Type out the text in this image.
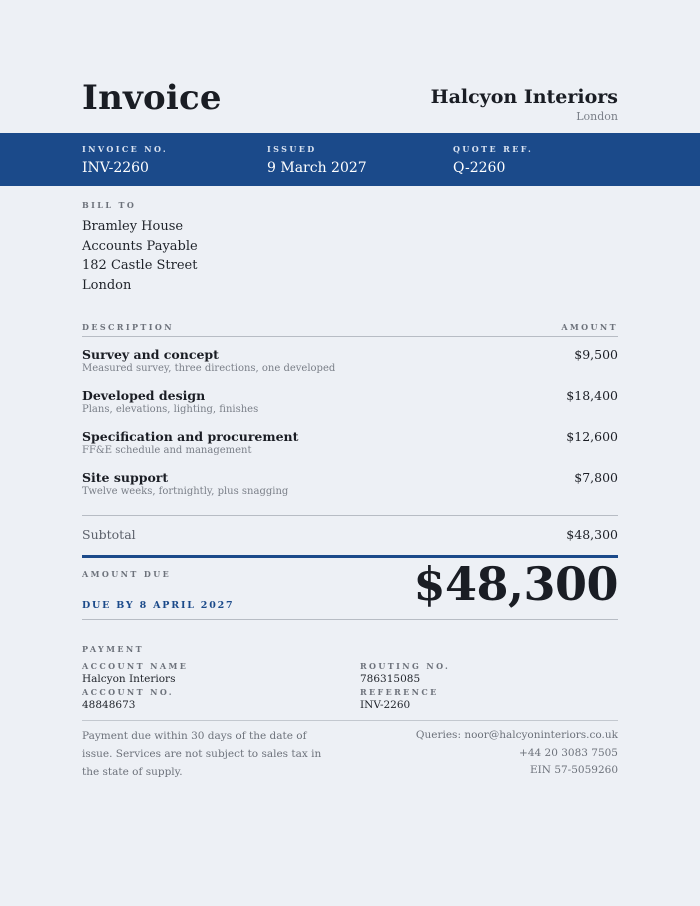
Invoice	Halcyon Interiors
London
INVOICE NO.
INV-2260
ISSUED
9 March 2027
QUOTE REF.
Q-2260
BILL TO
Bramley House
Accounts Payable
182 Castle Street
London
DESCRIPTION	AMOUNT
Survey and concept
Measured survey, three directions, one developed
$9,500
Developed design
Plans, elevations, lighting, finishes
$18,400
Specification and procurement
FF&E schedule and management
$12,600
Site support
Twelve weeks, fortnightly, plus snagging
$7,800
Subtotal	$48,300
AMOUNT DUE
DUE BY 8 APRIL 2027	$48,300
PAYMENT
ACCOUNT NAME
Halcyon Interiors
ROUTING NO.
786315085
ACCOUNT NO.
48848673
REFERENCE
INV-2260
Payment due within 30 days of the date of issue. Services are not subject to sales tax in the state of supply.
Queries: noor@halcyoninteriors.co.uk
+44 20 3083 7505
EIN 57-5059260
